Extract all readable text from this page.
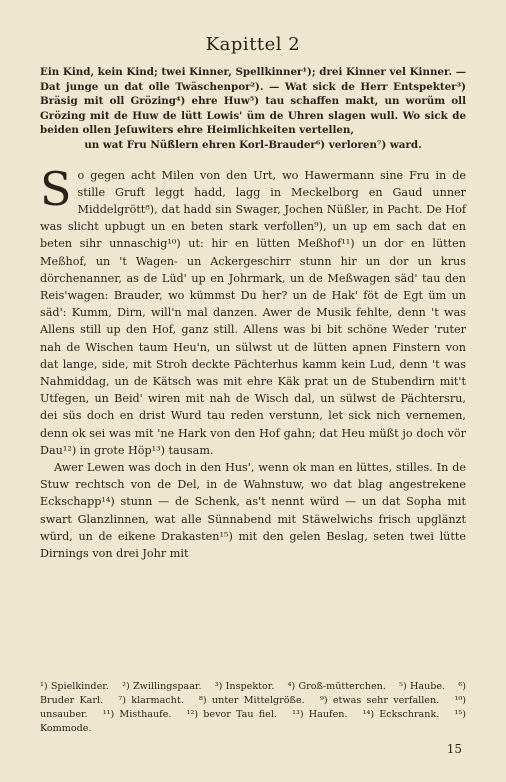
Kapittel 2

Ein Kind, kein Kind; twei Kinner, Spellkinner¹); drei Kinner vel Kinner. — Dat junge un dat olle Twäschenpor²). — Wat sick de Herr Entspekter³) Bräsig mit oll Grözing⁴) ehre Huw⁵) tau schaffen makt, un worüm oll Grözing mit de Huw de lütt Lowis' üm de Uhren slagen wull. Wo sick de beiden ollen Jeſuwiters ehre Heimlichkeiten vertellen,
un wat Fru Nüßlern ehren Korl-Brauder⁶) verloren⁷) ward.

So gegen acht Milen von den Urt, wo Hawermann sine Fru in de stille Gruft leggt hadd, lagg in Meckelborg en Gaud unner Middelgrött⁸), dat hadd sin Swager, Jochen Nüßler, in Pacht. De Hof was slicht upbugt un en beten stark verfollen⁹), un up em sach dat en beten sihr unnaschig¹⁰) ut: hir en lütten Meßhof¹¹) un dor en lütten Meßhof, un 't Wagen- un Ackergeschirr stunn hir un dor un krus dörchenanner, as de Lüd' up en Johrmark, un de Meßwagen säd' tau den Reis'wagen: Brauder, wo kümmst Du her? un de Hak' föt de Egt üm un säd': Kumm, Dirn, will'n mal danzen. Awer de Musik fehlte, denn 't was Allens still up den Hof, ganz still. Allens was bi bit schöne Weder 'ruter nah de Wischen taum Heu'n, un sülwst ut de lütten apnen Finstern von dat lange, side, mit Stroh deckte Pächterhus kamm kein Lud, denn 't was Nahmiddag, un de Kätsch was mit ehre Käk prat un de Stubendirn mit't Utfegen, un Beid' wiren mit nah de Wisch dal, un sülwst de Pächtersru, dei süs doch en drist Wurd tau reden verstunn, let sick nich vernemen, denn ok sei was mit 'ne Hark von den Hof gahn; dat Heu müßt jo doch vör Dau¹²) in grote Höp¹³) tausam.

Awer Lewen was doch in den Hus', wenn ok man en lüttes, stilles. In de Stuw rechtsch von de Del, in de Wahnstuw, wo dat blag angestrekene Eckschapp¹⁴) stunn — de Schenk, as't nennt würd — un dat Sopha mit swart Glanzlinnen, wat alle Sünnabend mit Stäwelwichs frisch upglänzt würd, un de eikene Drakasten¹⁵) mit den gelen Beslag, seten twei lütte Dirnings von drei Johr mit

¹) Spielkinder. ²) Zwillingspaar. ³) Inspektor. ⁴) Groß-mütterchen. ⁵) Haube. ⁶) Bruder Karl. ⁷) klarmacht. ⁸) unter Mittelgröße. ⁹) etwas sehr verfallen. ¹⁰) unsauber. ¹¹) Misthaufe. ¹²) bevor Tau fiel. ¹³) Haufen. ¹⁴) Eckschrank. ¹⁵) Kommode.
15
